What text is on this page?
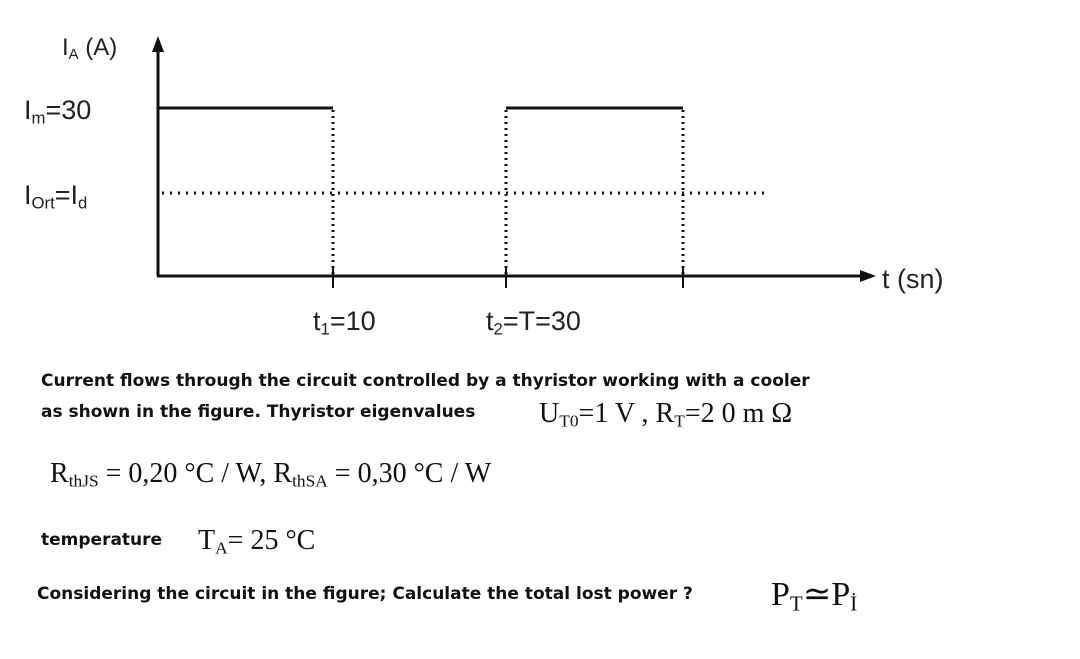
$I_A$ (A)
$I_m=30$
$I_{Ort}=I_d$
t (sn)
$t_1=10$	$t_2=T=30$
Current flows through the circuit controlled by a thyristor working with a cooler
as shown in the figure. Thyristor eigenvalues $U_{T0}=1$ V , $R_T=2$ 0 m Ω
$R_{thJS} = 0,20$ °C / W, $R_{thSA} = 0,30$ °C / W
temperature $T_A= 25$ °C
Considering the circuit in the figure; Calculate the total lost power ? $P_T≃P_İ$
